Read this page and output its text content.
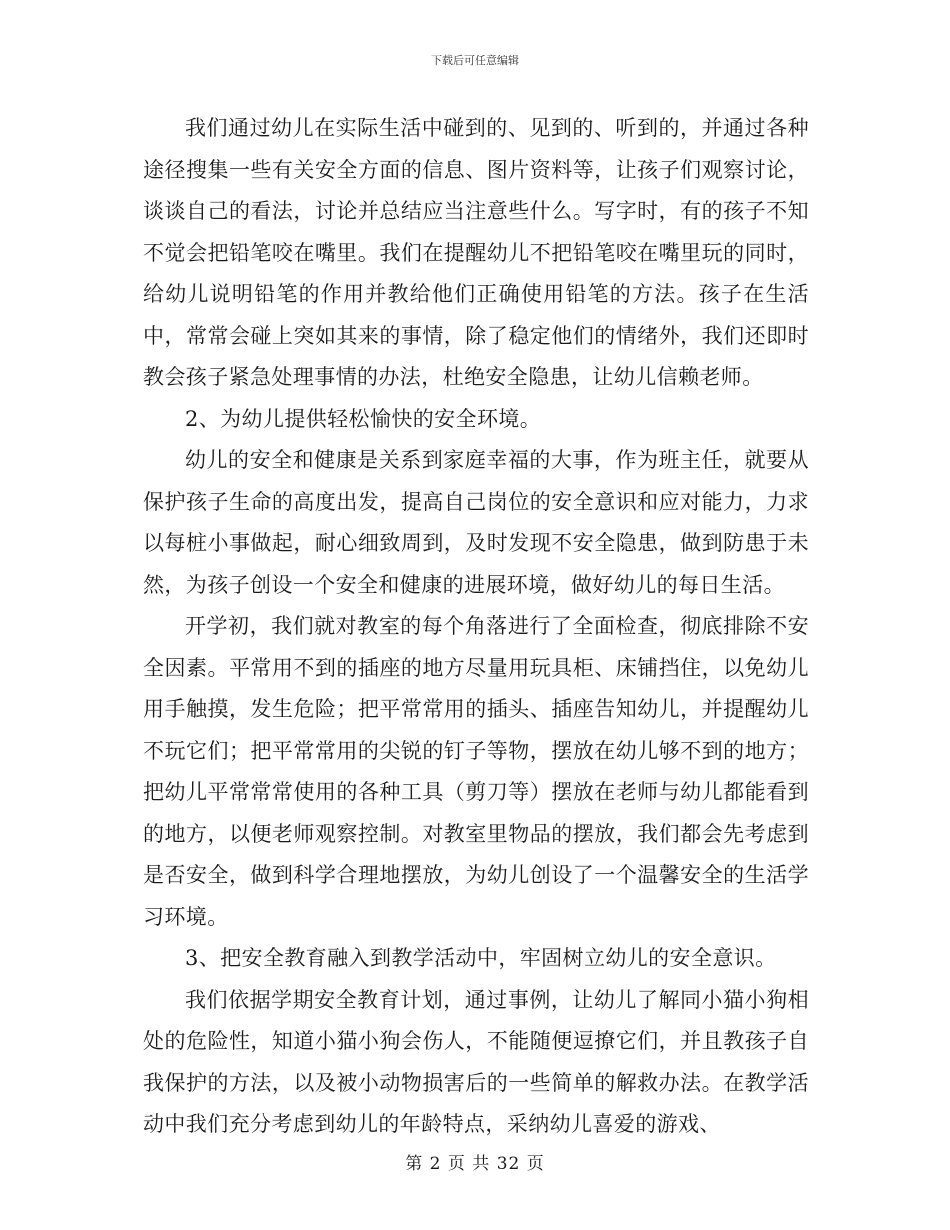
下载后可任意编辑

我们通过幼儿在实际生活中碰到的、见到的、听到的，并通过各种途径搜集一些有关安全方面的信息、图片资料等，让孩子们观察讨论，谈谈自己的看法，讨论并总结应当注意些什么。写字时，有的孩子不知不觉会把铅笔咬在嘴里。我们在提醒幼儿不把铅笔咬在嘴里玩的同时，给幼儿说明铅笔的作用并教给他们正确使用铅笔的方法。孩子在生活中，常常会碰上突如其来的事情，除了稳定他们的情绪外，我们还即时教会孩子紧急处理事情的办法，杜绝安全隐患，让幼儿信赖老师。

2、为幼儿提供轻松愉快的安全环境。

幼儿的安全和健康是关系到家庭幸福的大事，作为班主任，就要从保护孩子生命的高度出发，提高自己岗位的安全意识和应对能力，力求以每桩小事做起，耐心细致周到，及时发现不安全隐患，做到防患于未然，为孩子创设一个安全和健康的进展环境，做好幼儿的每日生活。

开学初，我们就对教室的每个角落进行了全面检查，彻底排除不安全因素。平常用不到的插座的地方尽量用玩具柜、床铺挡住，以免幼儿用手触摸，发生危险；把平常常用的插头、插座告知幼儿，并提醒幼儿不玩它们；把平常常用的尖锐的钉子等物，摆放在幼儿够不到的地方；把幼儿平常常常使用的各种工具（剪刀等）摆放在老师与幼儿都能看到的地方，以便老师观察控制。对教室里物品的摆放，我们都会先考虑到是否安全，做到科学合理地摆放，为幼儿创设了一个温馨安全的生活学习环境。

3、把安全教育融入到教学活动中，牢固树立幼儿的安全意识。

我们依据学期安全教育计划，通过事例，让幼儿了解同小猫小狗相处的危险性，知道小猫小狗会伤人，不能随便逗撩它们，并且教孩子自我保护的方法，以及被小动物损害后的一些简单的解救办法。在教学活动中我们充分考虑到幼儿的年龄特点，采纳幼儿喜爱的游戏、

第 2 页 共 32 页
